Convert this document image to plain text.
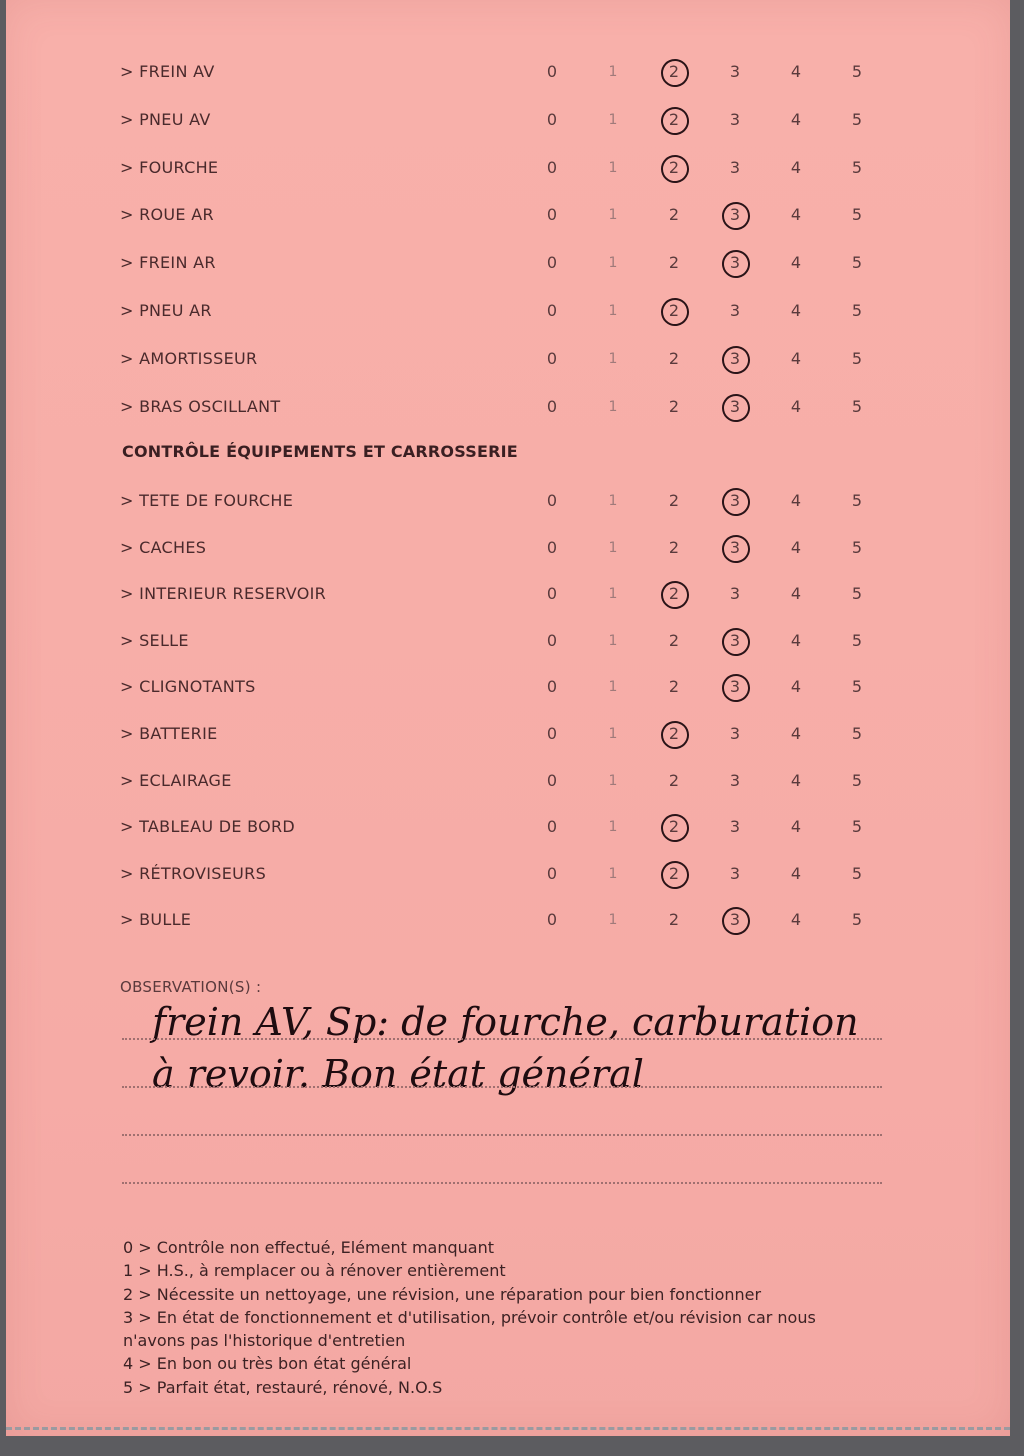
> FREIN AV	0	1	2	3	4	5
> PNEU AV	0	1	2	3	4	5
> FOURCHE	0	1	2	3	4	5
> ROUE AR	0	1	2	3	4	5
> FREIN AR	0	1	2	3	4	5
> PNEU AR	0	1	2	3	4	5
> AMORTISSEUR	0	1	2	3	4	5
> BRAS OSCILLANT	0	1	2	3	4	5
CONTRÔLE ÉQUIPEMENTS ET CARROSSERIE
> TETE DE FOURCHE	0	1	2	3	4	5
> CACHES	0	1	2	3	4	5
> INTERIEUR RESERVOIR	0	1	2	3	4	5
> SELLE	0	1	2	3	4	5
> CLIGNOTANTS	0	1	2	3	4	5
> BATTERIE	0	1	2	3	4	5
> ECLAIRAGE	0	1	2	3	4	5
> TABLEAU DE BORD	0	1	2	3	4	5
> RÉTROVISEURS	0	1	2	3	4	5
> BULLE	0	1	2	3	4	5
OBSERVATION(S) :
frein AV, Sp: de fourche, carburation
à revoir. Bon état général
0 > Contrôle non effectué, Elément manquant
1 > H.S., à remplacer ou à rénover entièrement
2 > Nécessite un nettoyage, une révision, une réparation pour bien fonctionner
3 > En état de fonctionnement et d'utilisation, prévoir contrôle et/ou révision car nous
n'avons pas l'historique d'entretien
4 > En bon ou très bon état général
5 > Parfait état, restauré, rénové, N.O.S
